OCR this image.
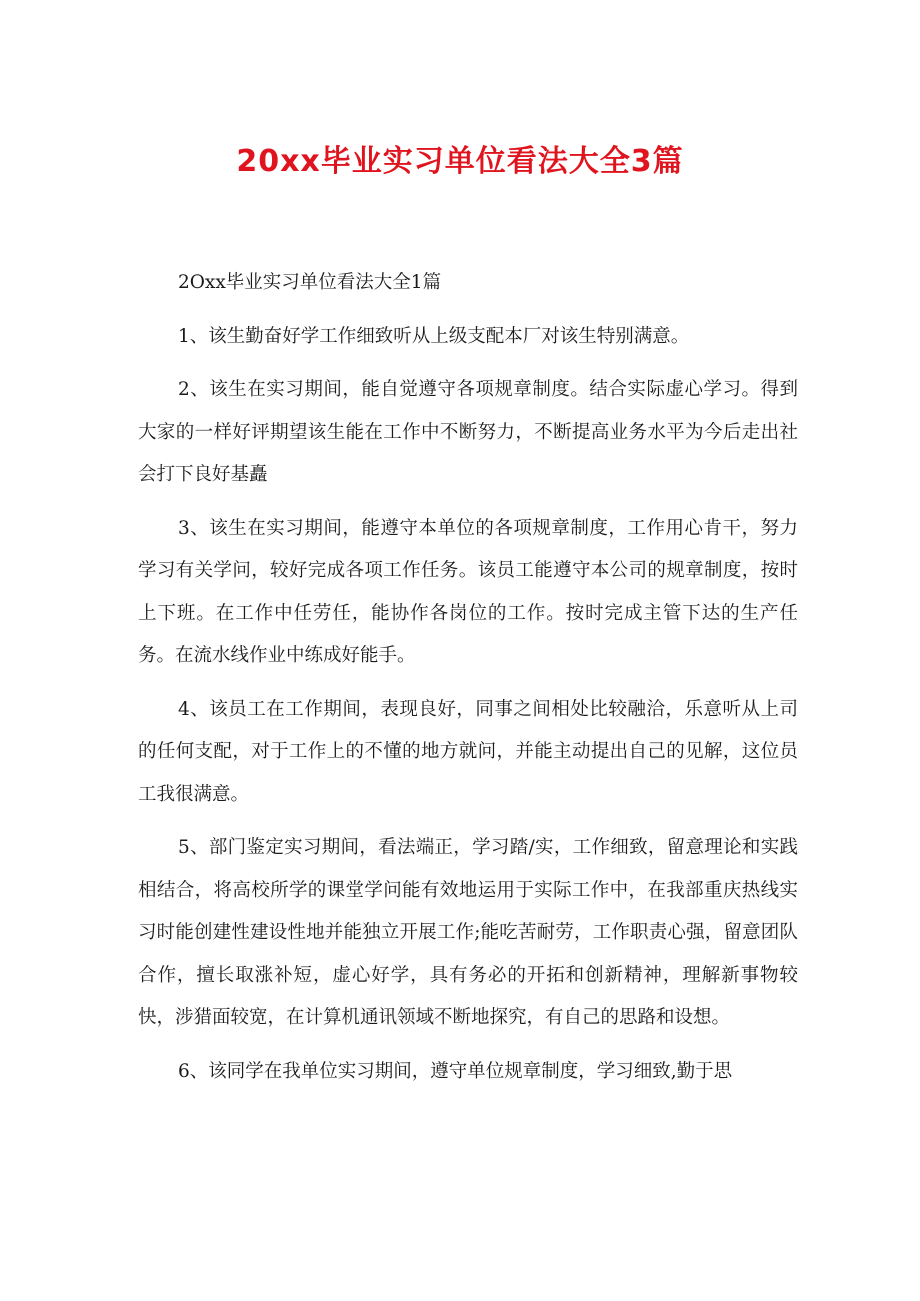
20xx毕业实习单位看法大全3篇

2Oxx毕业实习单位看法大全1篇

1、该生勤奋好学工作细致听从上级支配本厂对该生特别满意。

2、该生在实习期间，能自觉遵守各项规章制度。结合实际虚心学习。得到大家的一样好评期望该生能在工作中不断努力，不断提高业务水平为今后走出社会打下良好基矗

3、该生在实习期间，能遵守本单位的各项规章制度，工作用心肯干，努力学习有关学问，较好完成各项工作任务。该员工能遵守本公司的规章制度，按时上下班。在工作中任劳任，能协作各岗位的工作。按时完成主管下达的生产任务。在流水线作业中练成好能手。

4、该员工在工作期间，表现良好，同事之间相处比较融洽，乐意听从上司的任何支配，对于工作上的不懂的地方就问，并能主动提出自己的见解，这位员工我很满意。

5、部门鉴定实习期间，看法端正，学习踏/实，工作细致，留意理论和实践相结合，将高校所学的课堂学问能有效地运用于实际工作中，在我部重庆热线实习时能创建性建设性地并能独立开展工作;能吃苦耐劳，工作职责心强，留意团队合作，擅长取涨补短，虚心好学，具有务必的开拓和创新精神，理解新事物较快，涉猎面较宽，在计算机通讯领域不断地探究，有自己的思路和设想。

6、该同学在我单位实习期间，遵守单位规章制度，学习细致,勤于思
